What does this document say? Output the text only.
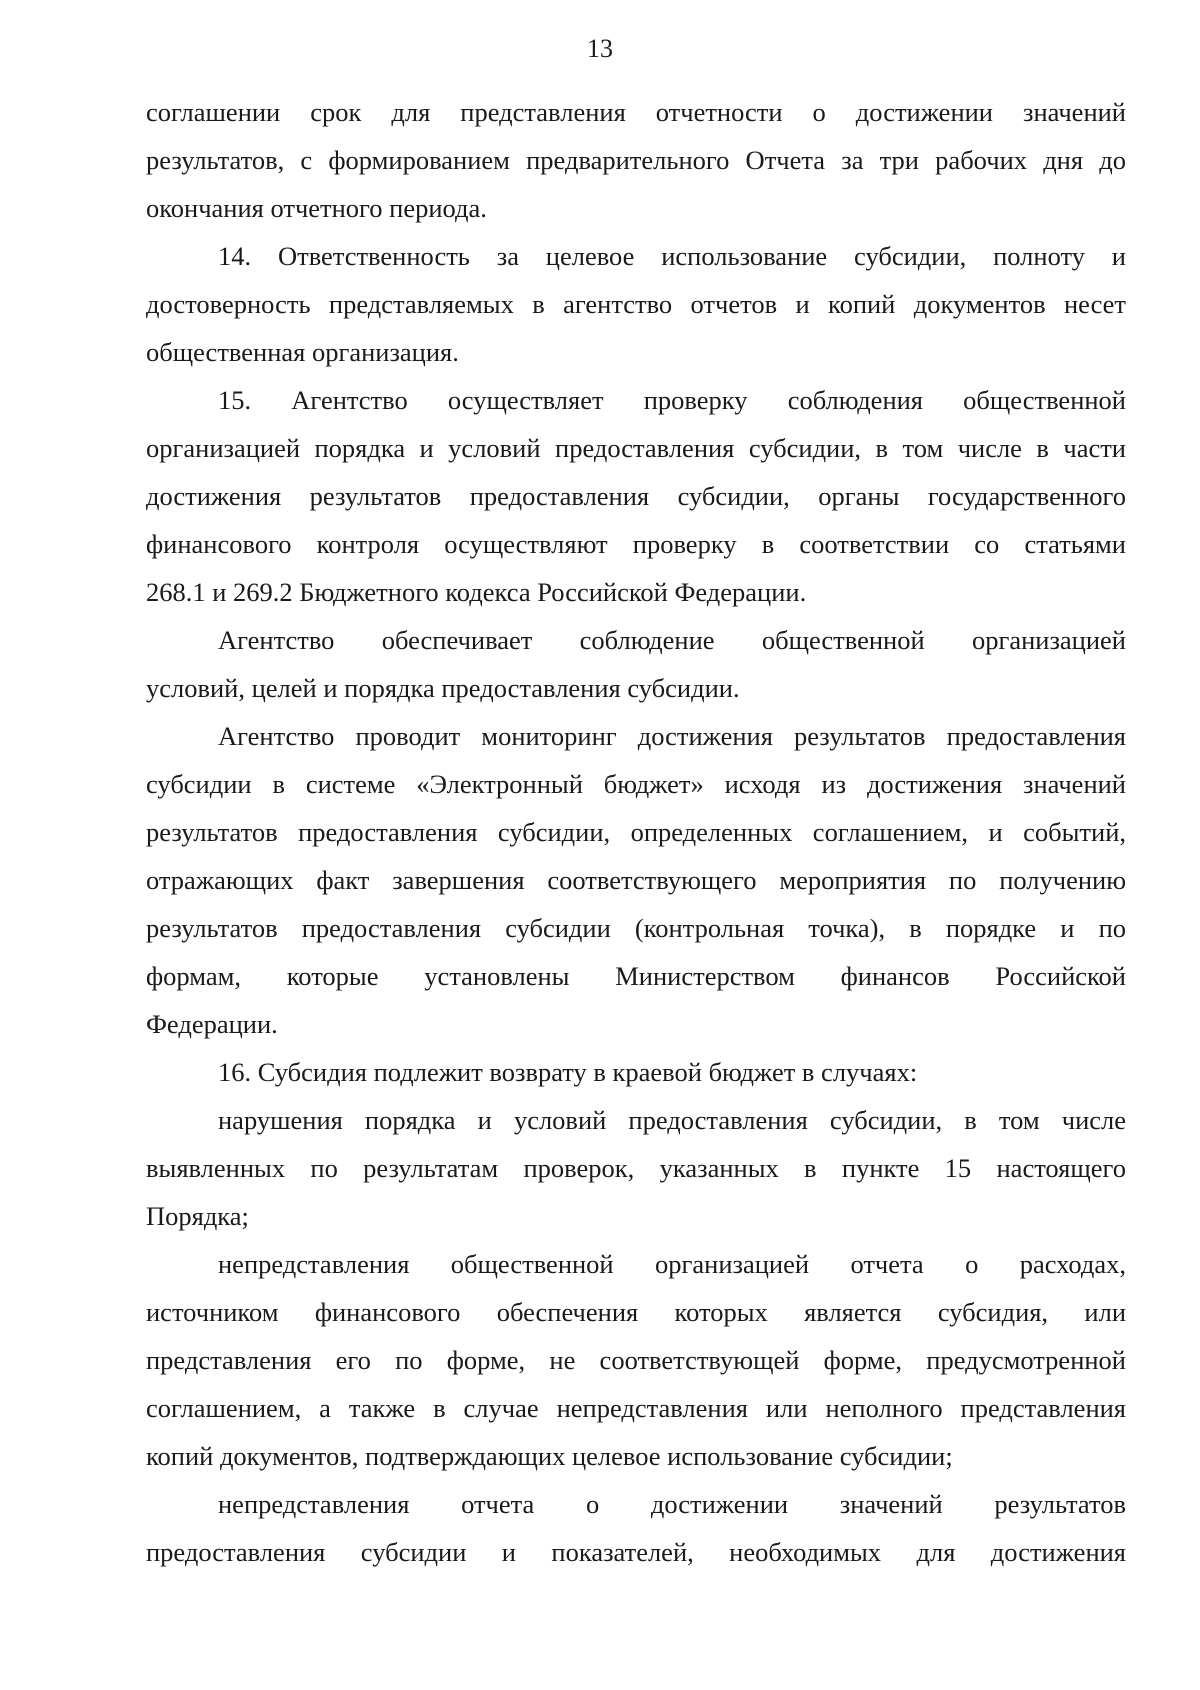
13
соглашении срок для представления отчетности о достижении значений
результатов, с формированием предварительного Отчета за три рабочих дня до
окончания отчетного периода.
14. Ответственность за целевое использование субсидии, полноту и
достоверность представляемых в агентство отчетов и копий документов несет
общественная организация.
15. Агентство осуществляет проверку соблюдения общественной
организацией порядка и условий предоставления субсидии, в том числе в части
достижения результатов предоставления субсидии, органы государственного
финансового контроля осуществляют проверку в соответствии со статьями
268.1 и 269.2 Бюджетного кодекса Российской Федерации.
Агентство обеспечивает соблюдение общественной организацией
условий, целей и порядка предоставления субсидии.
Агентство проводит мониторинг достижения результатов предоставления
субсидии в системе «Электронный бюджет» исходя из достижения значений
результатов предоставления субсидии, определенных соглашением, и событий,
отражающих факт завершения соответствующего мероприятия по получению
результатов предоставления субсидии (контрольная точка), в порядке и по
формам, которые установлены Министерством финансов Российской
Федерации.
16. Субсидия подлежит возврату в краевой бюджет в случаях:
нарушения порядка и условий предоставления субсидии, в том числе
выявленных по результатам проверок, указанных в пункте 15 настоящего
Порядка;
непредставления общественной организацией отчета о расходах,
источником финансового обеспечения которых является субсидия, или
представления его по форме, не соответствующей форме, предусмотренной
соглашением, а также в случае непредставления или неполного представления
копий документов, подтверждающих целевое использование субсидии;
непредставления отчета о достижении значений результатов
предоставления субсидии и показателей, необходимых для достижения
